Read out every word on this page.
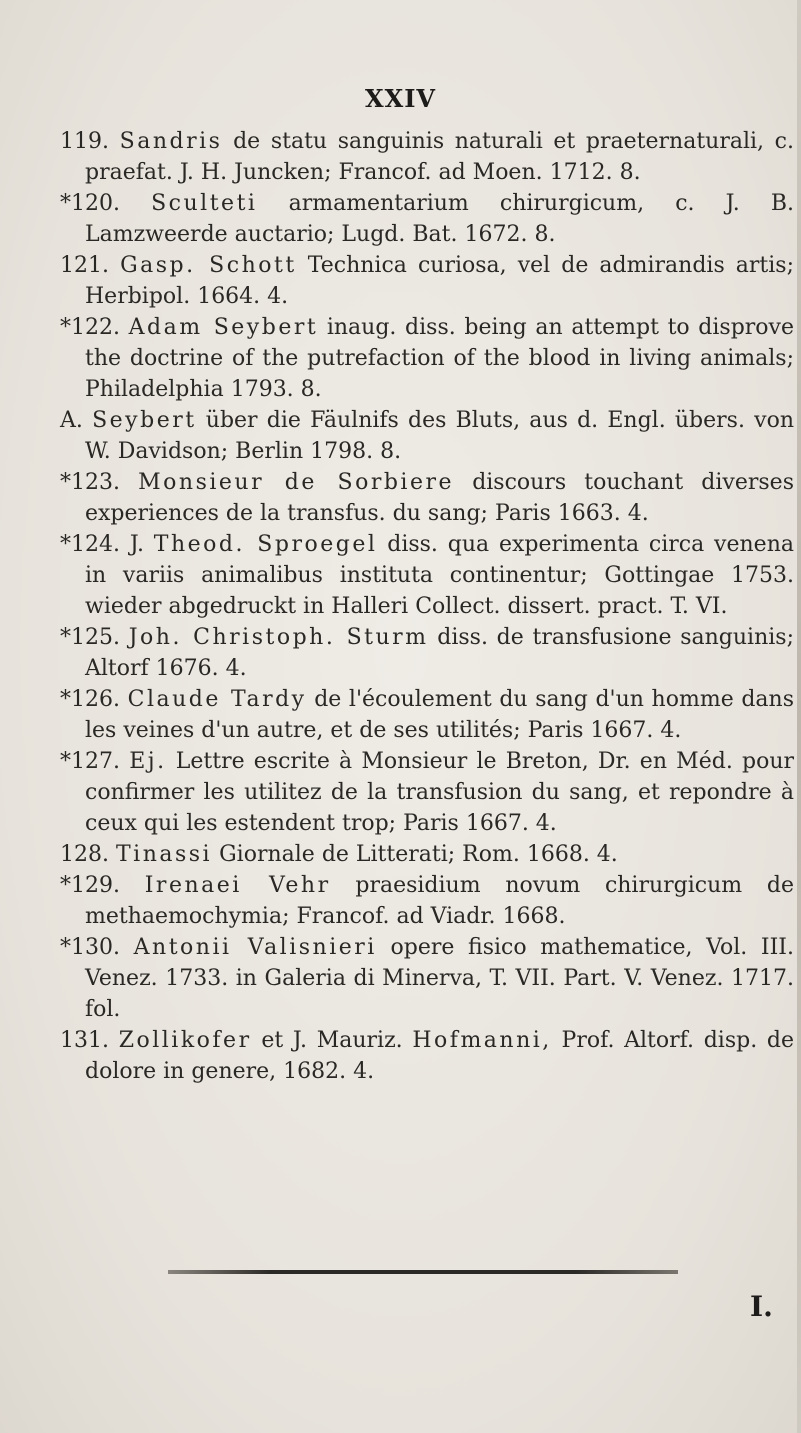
XXIV
119. Sandris de statu sanguinis naturali et praeternaturali, c. praefat. J. H. Juncken; Francof. ad Moen. 1712. 8.
*120. Sculteti armamentarium chirurgicum, c. J. B. Lamzweerde auctario; Lugd. Bat. 1672. 8.
121. Gasp. Schott Technica curiosa, vel de admirandis artis; Herbipol. 1664. 4.
*122. Adam Seybert inaug. diss. being an attempt to disprove the doctrine of the putrefaction of the blood in living animals; Philadelphia 1793. 8.
A. Seybert über die Fäulnifs des Bluts, aus d. Engl. übers. von W. Davidson; Berlin 1798. 8.
*123. Monsieur de Sorbiere discours touchant diverses experiences de la transfus. du sang; Paris 1663. 4.
*124. J. Theod. Sproegel diss. qua experimenta circa venena in variis animalibus instituta continentur; Gottingae 1753. wieder abgedruckt in Halleri Collect. dissert. pract. T. VI.
*125. Joh. Christoph. Sturm diss. de transfusione sanguinis; Altorf 1676. 4.
*126. Claude Tardy de l'écoulement du sang d'un homme dans les veines d'un autre, et de ses utilités; Paris 1667. 4.
*127. Ej. Lettre escrite à Monsieur le Breton, Dr. en Méd. pour confirmer les utilitez de la transfusion du sang, et repondre à ceux qui les estendent trop; Paris 1667. 4.
128. Tinassi Giornale de Litterati; Rom. 1668. 4.
*129. Irenaei Vehr praesidium novum chirurgicum de methaemochymia; Francof. ad Viadr. 1668.
*130. Antonii Valisnieri opere fisico mathematice, Vol. III. Venez. 1733. in Galeria di Minerva, T. VII. Part. V. Venez. 1717. fol.
131. Zollikofer et J. Mauriz. Hofmanni, Prof. Altorf. disp. de dolore in genere, 1682. 4.
I.
